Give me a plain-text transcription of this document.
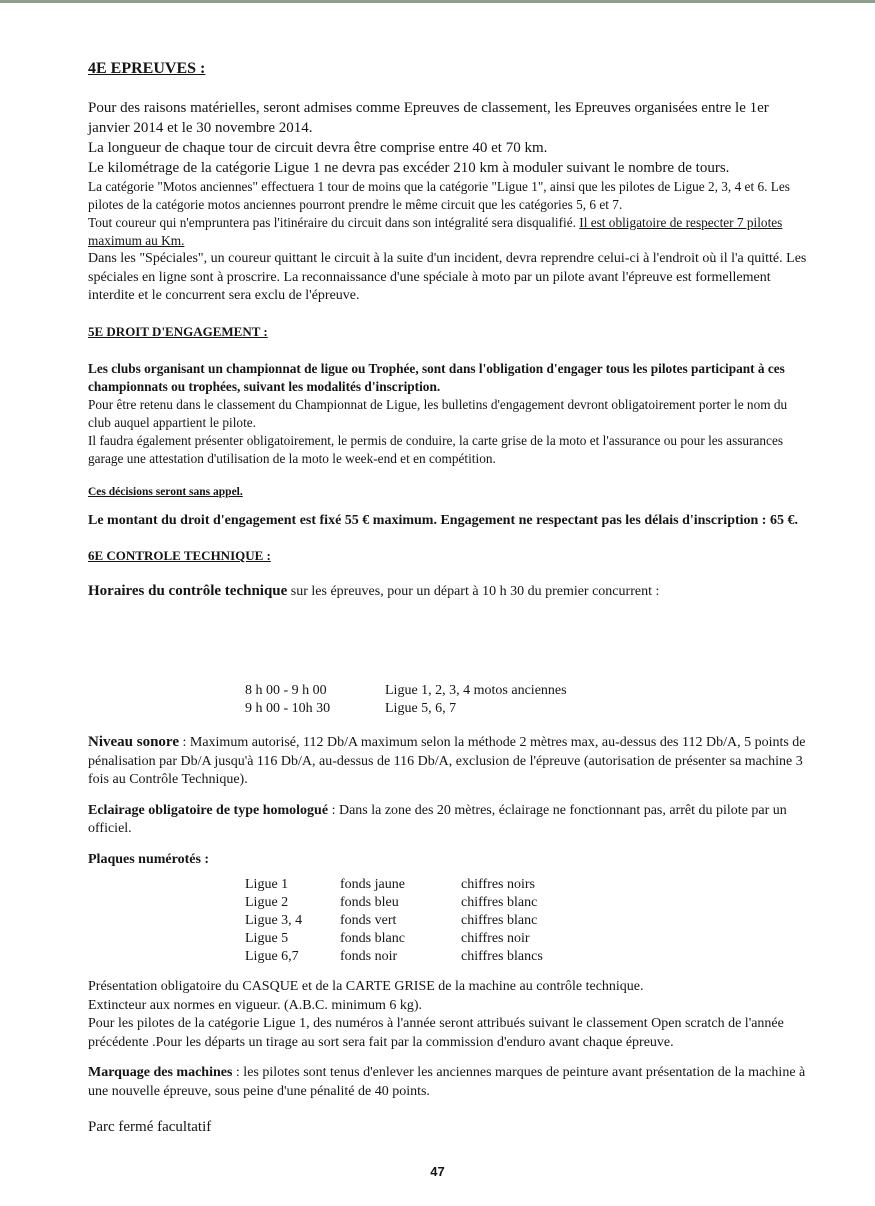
4E EPREUVES :

Pour des raisons matérielles, seront admises comme Epreuves de classement, les Epreuves organisées entre le 1er janvier 2014 et le 30 novembre 2014.

La longueur de chaque tour de circuit devra être comprise entre 40 et 70 km.

Le kilométrage de la catégorie Ligue 1 ne devra pas excéder 210 km à moduler suivant le nombre de tours.

La catégorie "Motos anciennes" effectuera 1 tour de moins que la catégorie "Ligue 1", ainsi que les pilotes de Ligue 2, 3, 4 et 6. Les pilotes de la catégorie motos anciennes pourront prendre le même circuit que les catégories 5, 6 et 7.

Tout coureur qui n'empruntera pas l'itinéraire du circuit dans son intégralité sera disqualifié. Il est obligatoire de respecter 7 pilotes maximum au Km.

Dans les "Spéciales", un coureur quittant le circuit à la suite d'un incident, devra reprendre celui-ci à l'endroit où il l'a quitté. Les spéciales en ligne sont à proscrire. La reconnaissance d'une spéciale à moto par un pilote avant l'épreuve est formellement interdite et le concurrent sera exclu de l'épreuve.

5E DROIT D'ENGAGEMENT :

Les clubs organisant un championnat de ligue ou Trophée, sont dans l'obligation d'engager tous les pilotes participant à ces championnats ou trophées, suivant les modalités d'inscription.

Pour être retenu dans le classement du Championnat de Ligue, les bulletins d'engagement devront obligatoirement porter le nom du club auquel appartient le pilote.

Il faudra également présenter obligatoirement, le permis de conduire, la carte grise de la moto et l'assurance ou pour les assurances garage une attestation d'utilisation de la moto le week-end et en compétition.

Ces décisions seront sans appel.

Le montant du droit d'engagement est fixé 55 € maximum. Engagement ne respectant pas les délais d'inscription : 65 €.

6E CONTROLE TECHNIQUE :

Horaires du contrôle technique sur les épreuves, pour un départ à 10 h 30 du premier concurrent :

8 h 00 - 9 h 00	Ligue 1, 2, 3, 4 motos anciennes
9 h 00 - 10h 30	Ligue 5, 6, 7

Niveau sonore : Maximum autorisé, 112 Db/A maximum selon la méthode 2 mètres max, au-dessus des 112 Db/A, 5 points de pénalisation par Db/A jusqu'à 116 Db/A, au-dessus de 116 Db/A, exclusion de l'épreuve (autorisation de présenter sa machine 3 fois au Contrôle Technique).

Eclairage obligatoire de type homologué : Dans la zone des 20 mètres, éclairage ne fonctionnant pas, arrêt du pilote par un officiel.

Plaques numérotés :

Ligue 1	fonds jaune	chiffres noirs
Ligue 2	fonds bleu	chiffres blanc
Ligue 3, 4	fonds vert	chiffres blanc
Ligue 5	fonds blanc	chiffres noir
Ligue 6,7	fonds noir	chiffres blancs

Présentation obligatoire du CASQUE et de la CARTE GRISE de la machine au contrôle technique.

Extincteur aux normes en vigueur. (A.B.C. minimum 6 kg).

Pour les pilotes de la catégorie Ligue 1, des numéros à l'année seront attribués suivant le classement Open scratch de l'année précédente .Pour les départs un tirage au sort sera fait par la commission d'enduro avant chaque épreuve.

Marquage des machines : les pilotes sont tenus d'enlever les anciennes marques de peinture avant présentation de la machine à une nouvelle épreuve, sous peine d'une pénalité de 40 points.

Parc fermé facultatif

47
